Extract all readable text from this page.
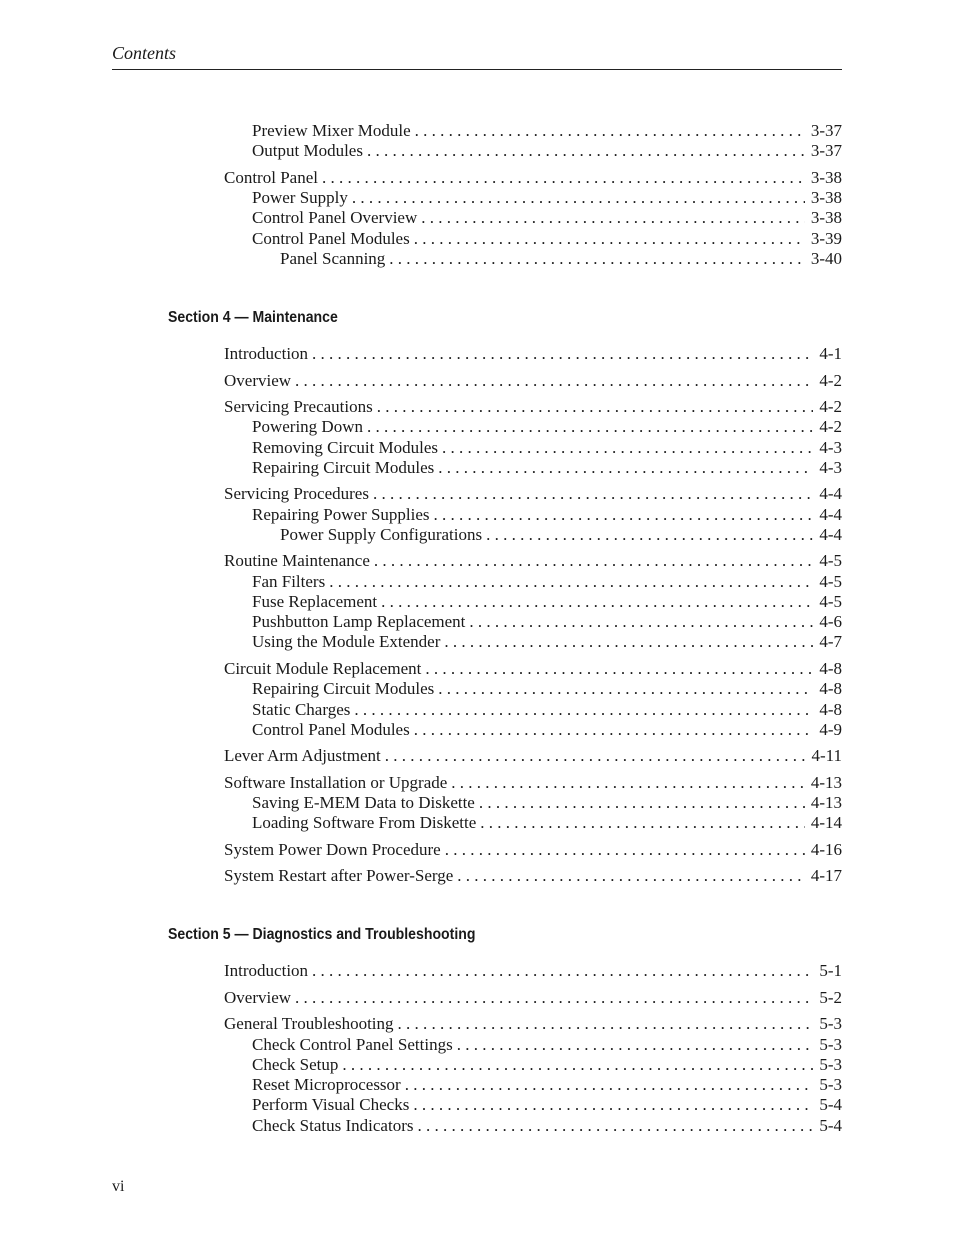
Contents
Section 4 — Maintenance
Section 5 — Diagnostics and Troubleshooting
Preview Mixer Module . . .	3-37
Output Modules . . .	3-37
Control Panel . . .	3-38
Power Supply . . .	3-38
Control Panel Overview . . .	3-38
Control Panel Modules . . .	3-39
Panel Scanning . . .	3-40
Introduction . . .	4-1
Overview . . .	4-2
Servicing Precautions . . .	4-2
Powering Down . . .	4-2
Removing Circuit Modules . . .	4-3
Repairing Circuit Modules . . .	4-3
Servicing Procedures . . .	4-4
Repairing Power Supplies . . .	4-4
Power Supply Configurations . . .	4-4
Routine Maintenance . . .	4-5
Fan Filters . . .	4-5
Fuse Replacement . . .	4-5
Pushbutton Lamp Replacement . . .	4-6
Using the Module Extender . . .	4-7
Circuit Module Replacement . . .	4-8
Repairing Circuit Modules . . .	4-8
Static Charges . . .	4-8
Control Panel Modules . . .	4-9
Lever Arm Adjustment . . .	4-11
Software Installation or Upgrade . . .	4-13
Saving E-MEM Data to Diskette . . .	4-13
Loading Software From Diskette . . .	4-14
System Power Down Procedure . . .	4-16
System Restart after Power-Serge . . .	4-17
Introduction . . .	5-1
Overview . . .	5-2
General Troubleshooting . . .	5-3
Check Control Panel Settings . . .	5-3
Check Setup . . .	5-3
Reset Microprocessor . . .	5-3
Perform Visual Checks . . .	5-4
Check Status Indicators . . .	5-4
vi
